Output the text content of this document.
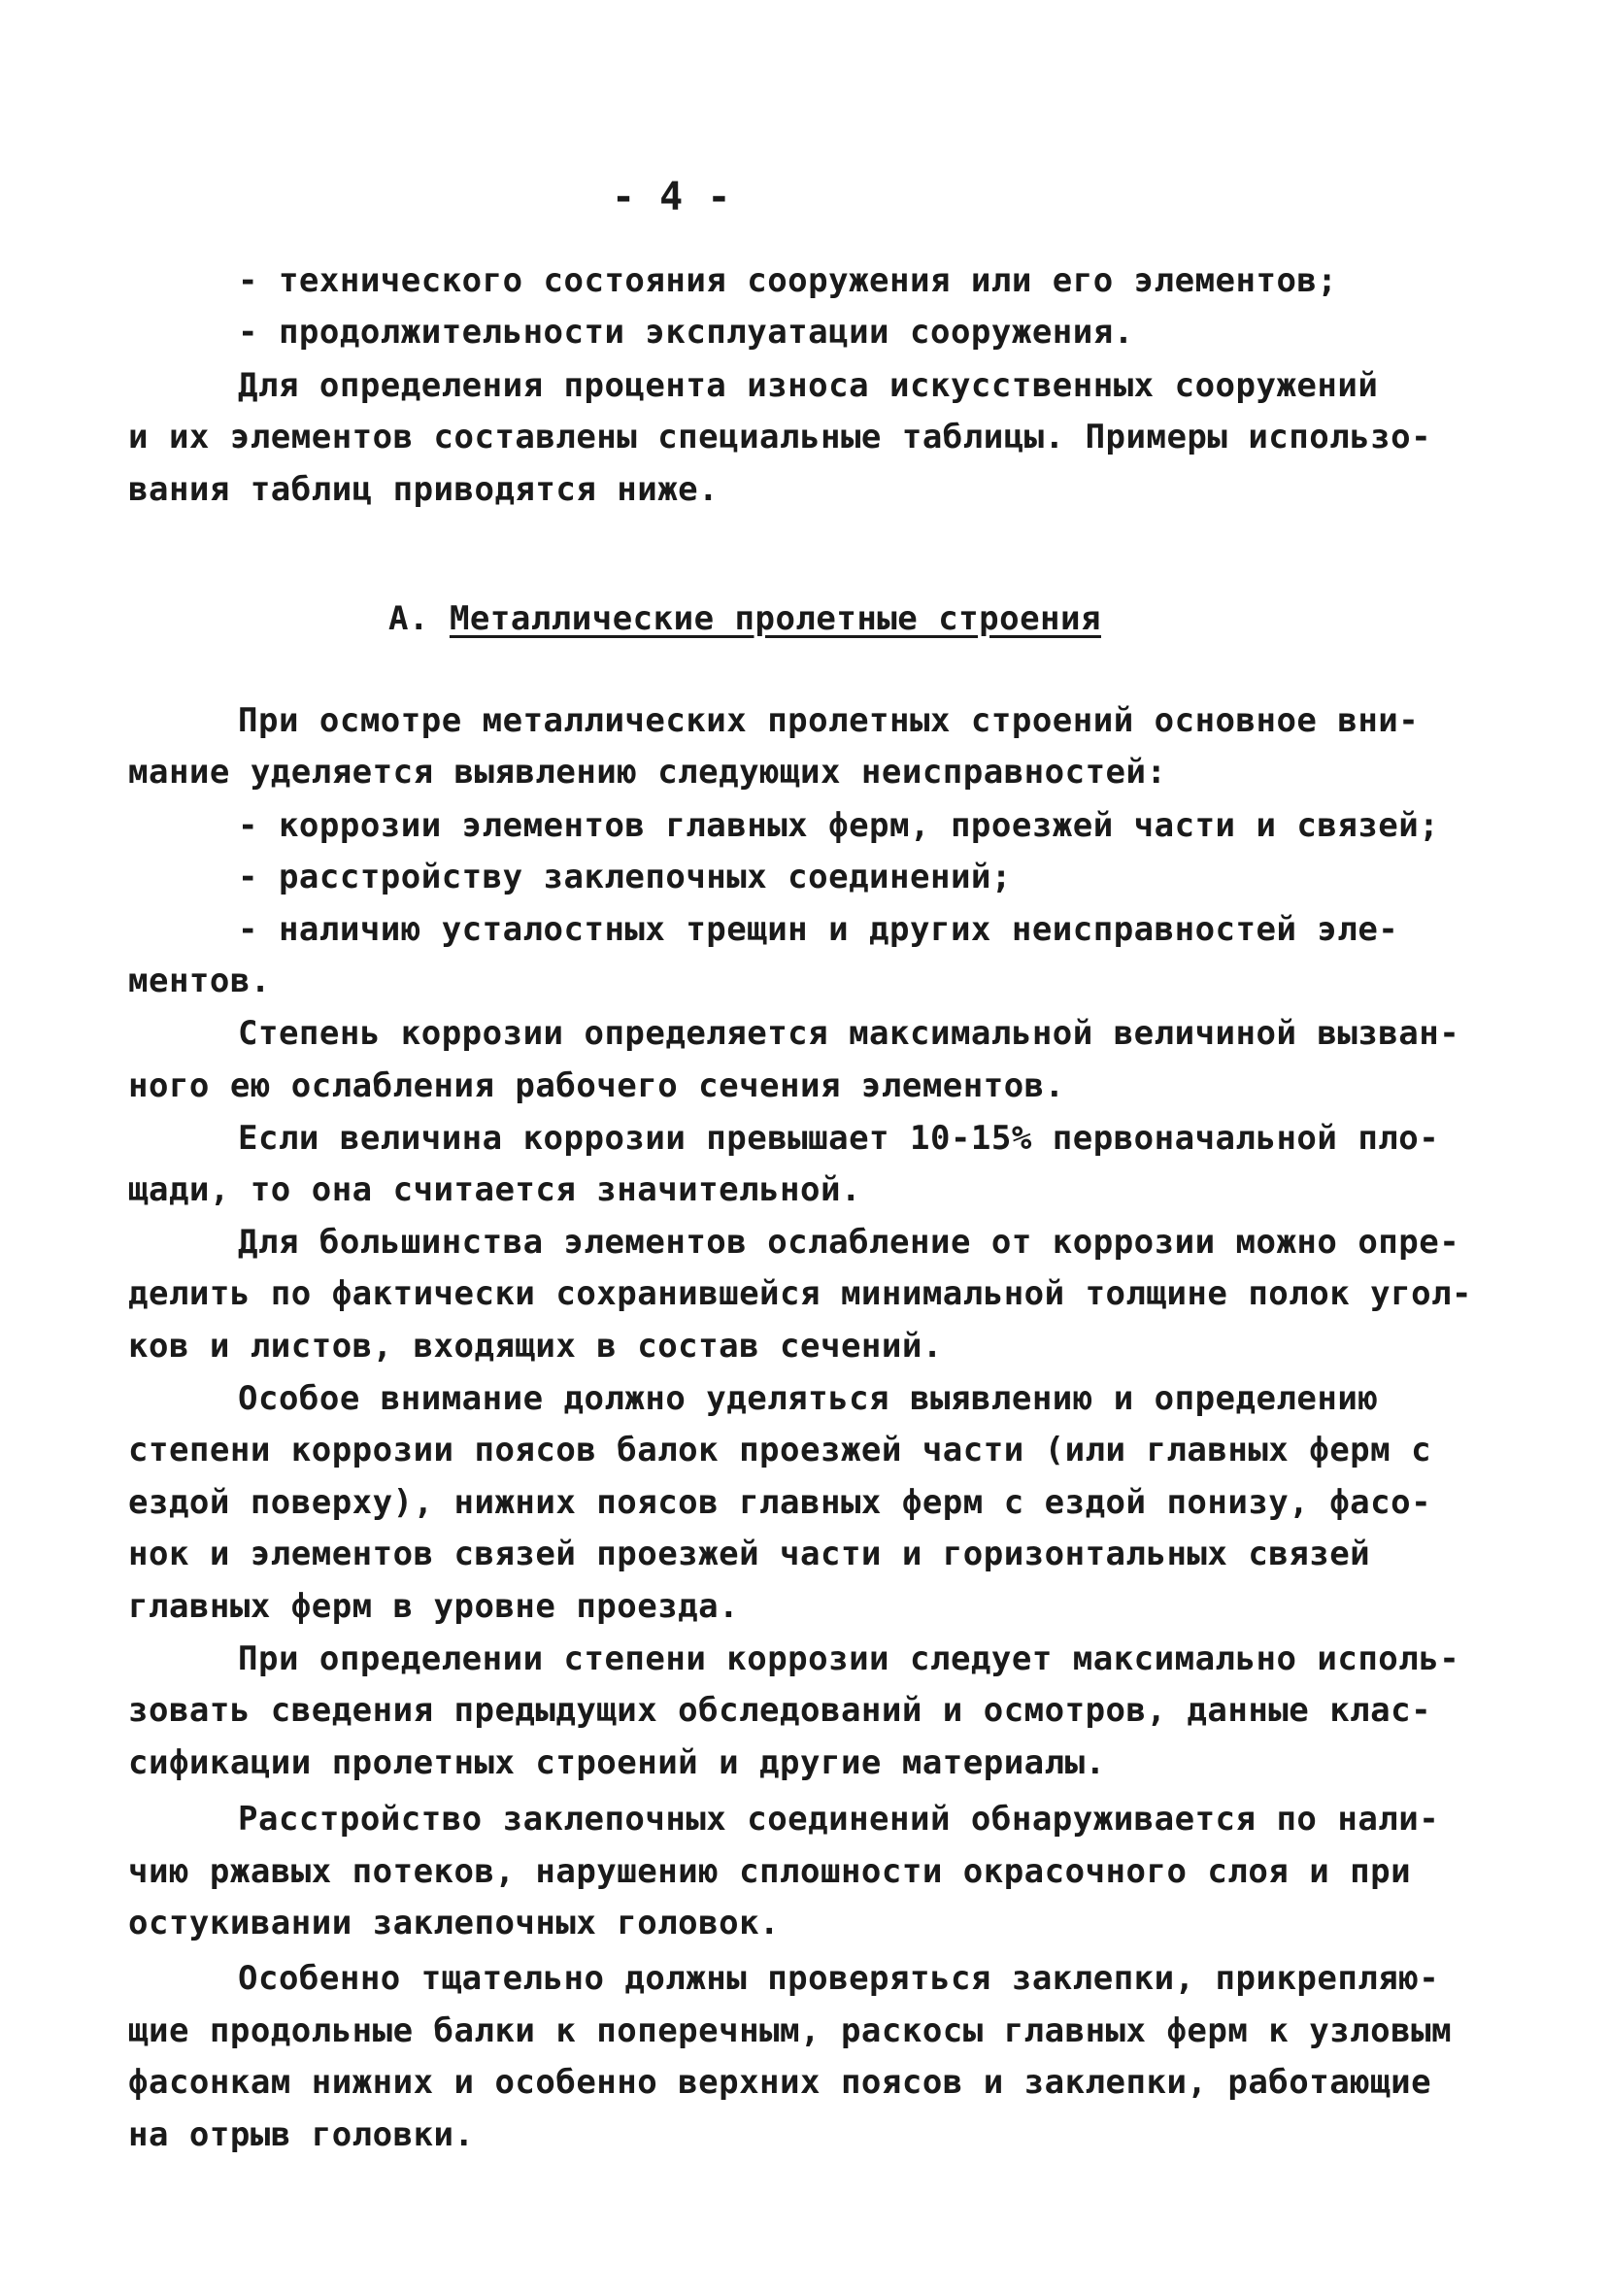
- 4 -
- технического состояния сооружения или его элементов;
- продолжительности эксплуатации сооружения.
Для определения процента износа искусственных сооружений
и их элементов составлены специальные таблицы. Примеры использо-
вания таблиц приводятся ниже.
А. Металлические пролетные строения
При осмотре металлических пролетных строений основное вни-
мание уделяется выявлению следующих неисправностей:
- коррозии элементов главных ферм, проезжей части и связей;
- расстройству заклепочных соединений;
- наличию усталостных трещин и других неисправностей эле-
ментов.
Степень коррозии определяется максимальной величиной вызван-
ного ею ослабления рабочего сечения элементов.
Если величина коррозии превышает 10-15% первоначальной пло-
щади, то она считается значительной.
Для большинства элементов ослабление от коррозии можно опре-
делить по фактически сохранившейся минимальной толщине полок угол-
ков и листов, входящих в состав сечений.
Особое внимание должно уделяться выявлению и определению
степени коррозии поясов балок проезжей части (или главных ферм с
ездой поверху), нижних поясов главных ферм с ездой понизу, фасо-
нок и элементов связей проезжей части и горизонтальных связей
главных ферм в уровне проезда.
При определении степени коррозии следует максимально исполь-
зовать сведения предыдущих обследований и осмотров, данные клас-
сификации пролетных строений и другие материалы.
Расстройство заклепочных соединений обнаруживается по нали-
чию ржавых потеков, нарушению сплошности окрасочного слоя и при
остукивании заклепочных головок.
Особенно тщательно должны проверяться заклепки, прикрепляю-
щие продольные балки к поперечным, раскосы главных ферм к узловым
фасонкам нижних и особенно верхних поясов и заклепки, работающие
на отрыв головки.
